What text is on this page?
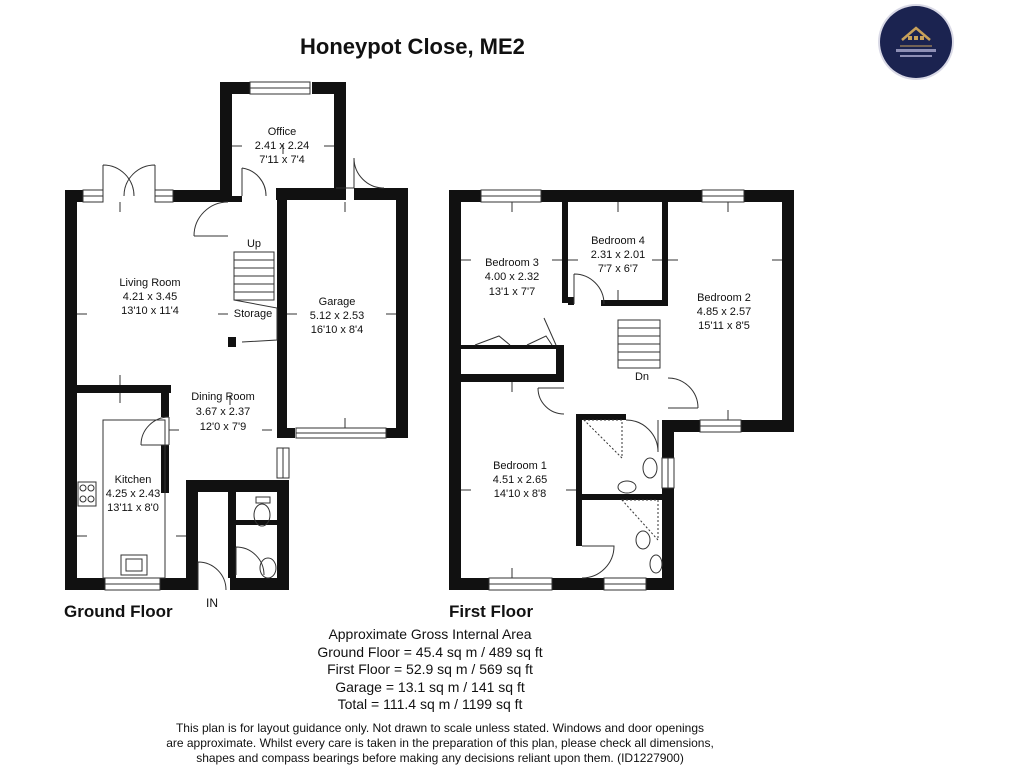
Honeypot Close, ME2
Office
2.41 x 2.24
7'11 x 7'4
Living Room
4.21 x 3.45
13'10 x 11'4
Garage
5.12 x 2.53
16'10 x 8'4
Dining Room
3.67 x 2.37
12'0 x 7'9
Kitchen
4.25 x 2.43
13'11 x 8'0
Up
Storage
IN
Bedroom 3
4.00 x 2.32
13'1 x 7'7
Bedroom 4
2.31 x 2.01
7'7 x 6'7
Bedroom 2
4.85 x 2.57
15'11 x 8'5
Bedroom 1
4.51 x 2.65
14'10 x 8'8
Dn
Ground Floor	First Floor
Approximate Gross Internal Area
Ground Floor = 45.4 sq m / 489 sq ft
First Floor = 52.9 sq m / 569 sq ft
Garage = 13.1 sq m / 141 sq ft
Total = 111.4 sq m / 1199 sq ft
This plan is for layout guidance only. Not drawn to scale unless stated. Windows and door openings
are approximate. Whilst every care is taken in the preparation of this plan, please check all dimensions,
shapes and compass bearings before making any decisions reliant upon them. (ID1227900)
